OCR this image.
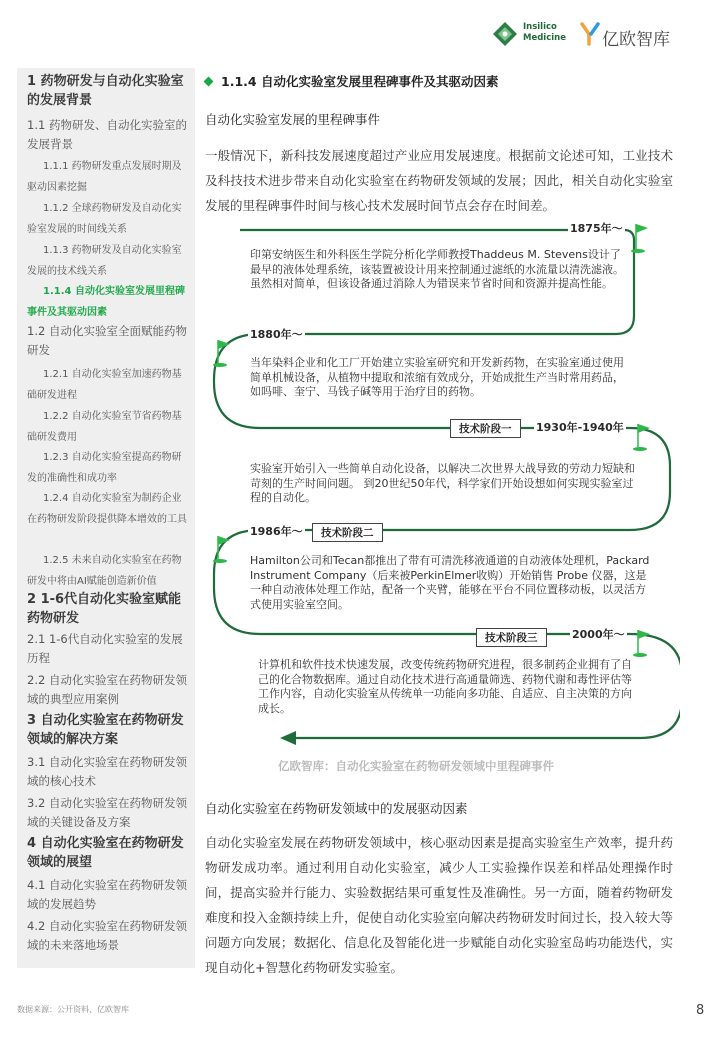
Insilico
Medicine 亿欧智库
1 药物研发与自动化实验室的发展背景
1.1 药物研发、自动化实验室的发展背景
1.1.1 药物研发重点发展时期及驱动因素挖掘
1.1.2 全球药物研发及自动化实验室发展的时间线关系
1.1.3 药物研发及自动化实验室发展的技术线关系
1.1.4 自动化实验室发展里程碑事件及其驱动因素
1.2 自动化实验室全面赋能药物研发
1.2.1 自动化实验室加速药物基础研发进程
1.2.2 自动化实验室节省药物基础研发费用
1.2.3 自动化实验室提高药物研发的准确性和成功率
1.2.4 自动化实验室为制药企业在药物研发阶段提供降本增效的工具
1.2.5 未来自动化实验室在药物研发中将由AI赋能创造新价值
2 1-6代自动化实验室赋能药物研发
2.1 1-6代自动化实验室的发展历程
2.2 自动化实验室在药物研发领域的典型应用案例
3 自动化实验室在药物研发领域的解决方案
3.1 自动化实验室在药物研发领域的核心技术
3.2 自动化实验室在药物研发领域的关键设备及方案
4 自动化实验室在药物研发领域的展望
4.1 自动化实验室在药物研发领域的发展趋势
4.2 自动化实验室在药物研发领域的未来落地场景
1.1.4 自动化实验室发展里程碑事件及其驱动因素
自动化实验室发展的里程碑事件
一般情况下，新科技发展速度超过产业应用发展速度。根据前文论述可知，工业技术及科技技术进步带来自动化实验室在药物研发领域的发展；因此，相关自动化实验室发展的里程碑事件时间与核心技术发展时间节点会存在时间差。
1875年～
1880年～
1930年-1940年
1986年～
2000年～
技术阶段一
技术阶段二
技术阶段三
印第安纳医生和外科医生学院分析化学师教授Thaddeus M. Stevens设计了最早的液体处理系统，该装置被设计用来控制通过滤纸的水流量以清洗滤液。虽然相对简单，但该设备通过消除人为错误来节省时间和资源并提高性能。
当年染料企业和化工厂开始建立实验室研究和开发新药物，在实验室通过使用简单机械设备，从植物中提取和浓缩有效成分，开始成批生产当时常用药品，如吗啡、奎宁、马钱子碱等用于治疗目的药物。
实验室开始引入一些简单自动化设备，以解决二次世界大战导致的劳动力短缺和苛刻的生产时间问题。 到20世纪50年代，科学家们开始设想如何实现实验室过程的自动化。
Hamilton公司和Tecan都推出了带有可清洗移液通道的自动液体处理机，Packard Instrument Company（后来被PerkinElmer收购）开始销售 Probe 仪器，这是一种自动液体处理工作站，配备一个夹臂，能够在平台不同位置移动板，以灵活方式使用实验室空间。
计算机和软件技术快速发展，改变传统药物研究进程，很多制药企业拥有了自己的化合物数据库。通过自动化技术进行高通量筛选、药物代谢和毒性评估等工作内容，自动化实验室从传统单一功能向多功能、自适应、自主决策的方向成长。
亿欧智库：自动化实验室在药物研发领域中里程碑事件
自动化实验室在药物研发领域中的发展驱动因素
自动化实验室发展在药物研发领域中，核心驱动因素是提高实验室生产效率，提升药物研发成功率。通过利用自动化实验室，减少人工实验操作误差和样品处理操作时间，提高实验并行能力、实验数据结果可重复性及准确性。另一方面，随着药物研发难度和投入金额持续上升，促使自动化实验室向解决药物研发时间过长，投入较大等问题方向发展；数据化、信息化及智能化进一步赋能自动化实验室岛屿功能迭代，实现自动化+智慧化药物研发实验室。
数据来源：公开资料、亿欧智库	8
